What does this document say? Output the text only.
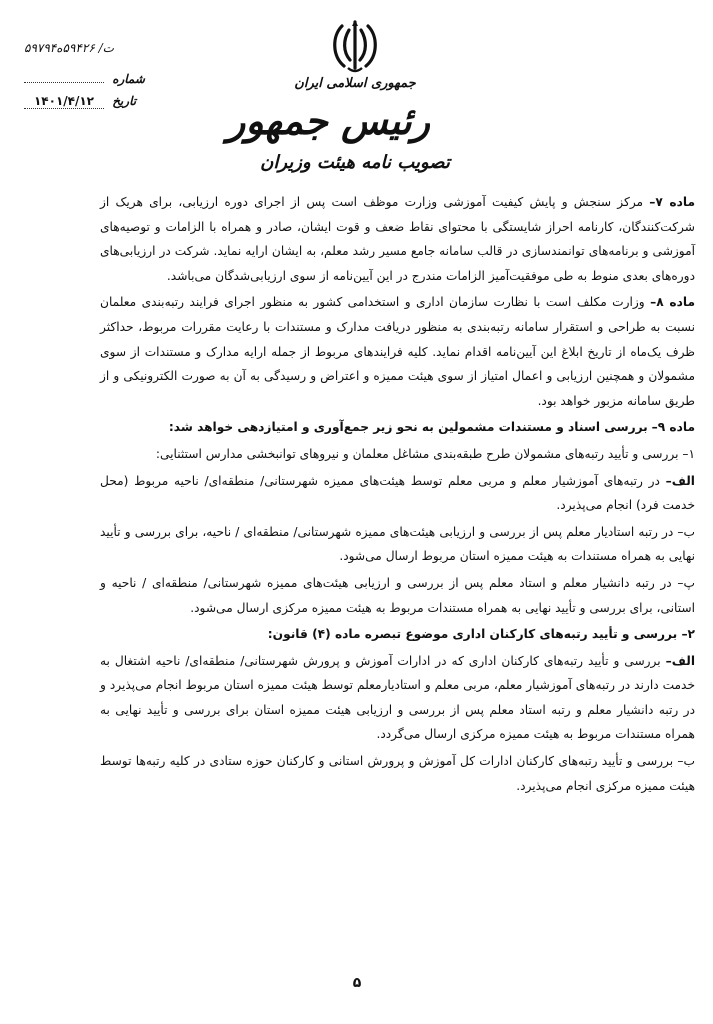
جمهوری اسلامی ایران
رئیس جمهور
تصویب نامه هیئت وزیران
۵۹۷۹۴ت/ ۵۹۴۲۶ه
شماره
تاریخ ۱۴۰۱/۴/۱۲

ماده ۷– مرکز سنجش و پایش کیفیت آموزشی وزارت موظف است پس از اجرای دوره ارزیابی، برای هریک از شرکت‌کنندگان، کارنامه احراز شایستگی با محتوای نقاط ضعف و قوت ایشان، صادر و همراه با الزامات و توصیه‌های آموزشی و برنامه‌های توانمندسازی در قالب سامانه جامع مسیر رشد معلم، به ایشان ارایه نماید. شرکت در ارزیابی‌های دوره‌های بعدی منوط به طی موفقیت‌آمیز الزامات مندرج در این آیین‌نامه از سوی ارزیابی‌شدگان می‌باشد.

ماده ۸– وزارت مکلف است با نظارت سازمان اداری و استخدامی کشور به منظور اجرای فرایند رتبه‌بندی معلمان نسبت به طراحی و استقرار سامانه رتبه‌بندی به منظور دریافت مدارک و مستندات با رعایت مقررات مربوط، حداکثر ظرف یک‌ماه از تاریخ ابلاغ این آیین‌نامه اقدام نماید. کلیه فرایندهای مربوط از جمله ارایه مدارک و مستندات از سوی مشمولان و همچنین ارزیابی و اعمال امتیاز از سوی هیئت ممیزه و اعتراض و رسیدگی به آن به صورت الکترونیکی و از طریق سامانه مزبور خواهد بود.

ماده ۹– بررسی اسناد و مستندات مشمولین به نحو زیر جمع‌آوری و امتیازدهی خواهد شد:

۱– بررسی و تأیید رتبه‌های مشمولان طرح طبقه‌بندی مشاغل معلمان و نیروهای توانبخشی مدارس استثنایی:

الف– در رتبه‌های آموزشیار معلم و مربی معلم توسط هیئت‌های ممیزه شهرستانی/ منطقه‌ای/ ناحیه مربوط (محل خدمت فرد) انجام می‌پذیرد.

ب– در رتبه استادیار معلم پس از بررسی و ارزیابی هیئت‌های ممیزه شهرستانی/ منطقه‌ای / ناحیه، برای بررسی و تأیید نهایی به همراه مستندات به هیئت ممیزه استان مربوط ارسال می‌شود.

پ– در رتبه دانشیار معلم و استاد معلم پس از بررسی و ارزیابی هیئت‌های ممیزه شهرستانی/ منطقه‌ای / ناحیه و استانی، برای بررسی و تأیید نهایی به همراه مستندات مربوط به هیئت ممیزه مرکزی ارسال می‌شود.

۲– بررسی و تأیید رتبه‌های کارکنان اداری موضوع تبصره ماده (۴) قانون:

الف– بررسی و تأیید رتبه‌های کارکنان اداری که در ادارات آموزش و پرورش شهرستانی/ منطقه‌ای/ ناحیه اشتغال به خدمت دارند در رتبه‌های آموزشیار معلم، مربی معلم و استادیارمعلم توسط هیئت ممیزه استان مربوط انجام می‌پذیرد و در رتبه دانشیار معلم و رتبه استاد معلم پس از بررسی و ارزیابی هیئت ممیزه استان برای بررسی و تأیید نهایی به همراه مستندات مربوط به هیئت ممیزه مرکزی ارسال می‌گردد.

ب– بررسی و تأیید رتبه‌های کارکنان ادارات کل آموزش و پرورش استانی و کارکنان حوزه ستادی در کلیه رتبه‌ها توسط هیئت ممیزه مرکزی انجام می‌پذیرد.

۵
